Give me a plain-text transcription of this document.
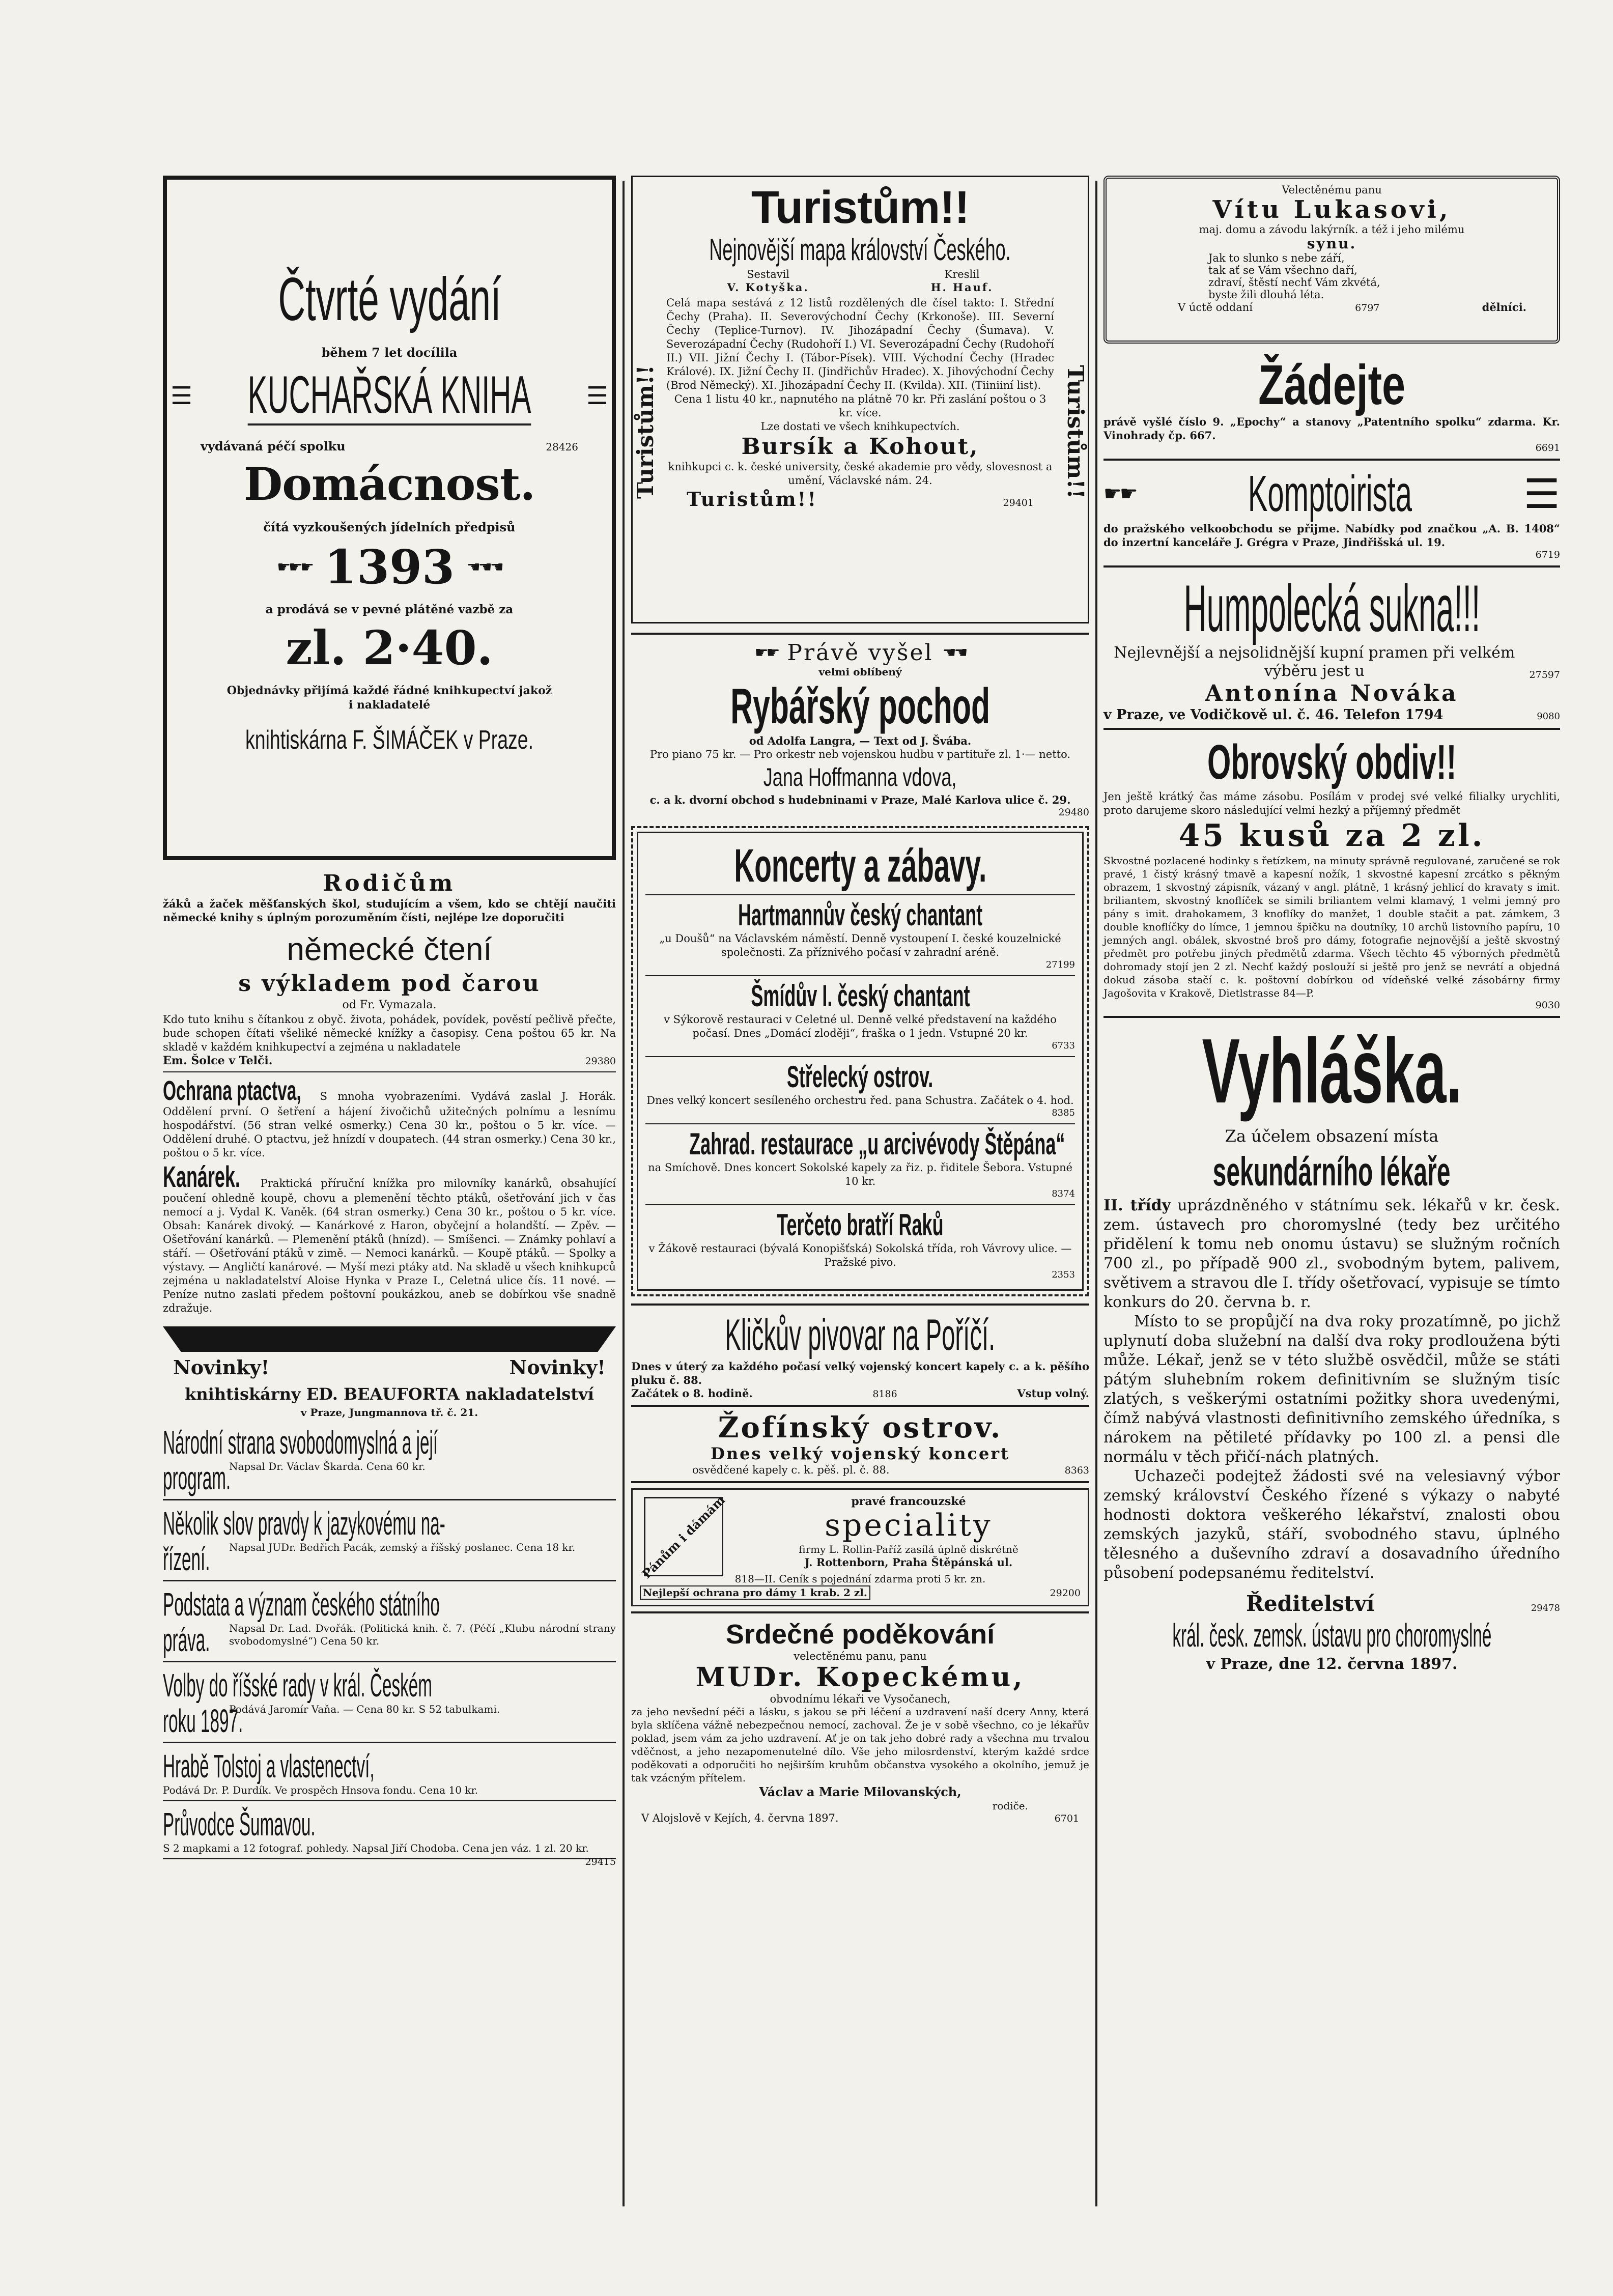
Čtvrté vydání
během 7 let docílila
☰ KUCHAŘSKÁ KNIHA ☰
vydávaná péčí spolku	28426
Domácnost.
čítá vyzkoušených jídelních předpisů
☛☛☛ 1393 ☚☚☚
a prodává se v pevné plátěné vazbě za
zl. 2·40.
Objednávky přijímá každé řádné knihkupectví jakož i nakladatelé
knihtiskárna F. ŠIMÁČEK v Praze.
Rodičům

žáků a žaček měšťanských škol, studujícím a všem, kdo se chtějí naučiti německé knihy s úplným porozuměním čísti, nejlépe lze doporučiti

německé čtení
s výkladem pod čarou
od Fr. Vymazala.

Kdo tuto knihu s čítankou z obyč. života, pohádek, povídek, pověstí pečlivě přečte, bude schopen čítati všeliké německé knížky a časopisy. Cena poštou 65 kr. Na skladě v každém knihkupectví a zejména u nakladatele

Em. Šolce v Telči.	29380

Ochrana ptactva, S mnoha vyobrazeními. Vydává zaslal J. Horák. Oddělení první. O šetření a hájení živočichů užitečných polnímu a lesnímu hospodářství. (56 stran velké osmerky.) Cena 30 kr., poštou o 5 kr. více. — Oddělení druhé. O ptactvu, jež hnízdí v doupatech. (44 stran osmerky.) Cena 30 kr., poštou o 5 kr. více.

Kanárek. Praktická příruční knížka pro milovníky kanárků, obsahující poučení ohledně koupě, chovu a plemenění těchto ptáků, ošetřování jich v čas nemocí a j. Vydal K. Vaněk. (64 stran osmerky.) Cena 30 kr., poštou o 5 kr. více. Obsah: Kanárek divoký. — Kanárkové z Haron, obyčejní a holandští. — Zpěv. — Ošetřování kanárků. — Plemenění ptáků (hnízd). — Smíšenci. — Známky pohlaví a stáří. — Ošetřování ptáků v zimě. — Nemoci kanárků. — Koupě ptáků. — Spolky a výstavy. — Angličtí kanárové. — Myší mezi ptáky atd. Na skladě u všech knihkupců zejména u nakladatelství Aloise Hynka v Praze I., Celetná ulice čís. 11 nové. — Peníze nutno zaslati předem poštovní poukázkou, aneb se dobírkou vše snadně zdražuje.

Novinky!	Novinky!
knihtiskárny ED. BEAUFORTA nakladatelství
v Praze, Jungmannova tř. č. 21.
Národní strana svobodomyslná a její
program.
Napsal Dr. Václav Škarda. Cena 60 kr.
Několik slov pravdy k jazykovému na-
řízení. Napsal JUDr. Bedřich Pacák, zemský a říšský poslanec. Cena 18 kr.
Podstata a význam českého státního
práva. Napsal Dr. Lad. Dvořák. (Politická knih. č. 7. (Péčí „Klubu národní strany svobodomyslné“) Cena 50 kr.
Volby do říšské rady v král. Českém
roku 1897.
Podává Jaromír Vaňa. — Cena 80 kr. S 52 tabulkami.
Hrabě Tolstoj a vlastenectví,
Podává Dr. P. Durdík. Ve prospěch Hnsova fondu. Cena 10 kr.
Průvodce Šumavou.
S 2 mapkami a 12 fotograf. pohledy. Napsal Jiří Chodoba. Cena jen váz. 1 zl. 20 kr.
29415
Turistům!!
Nejnovější mapa království Českého.
Turistům!!	Turistům!!
Sestavil
V. Kotyška.
Kreslil
H. Hauf.

Celá mapa sestává z 12 listů rozdělených dle čísel takto: I. Střední Čechy (Praha). II. Severovýchodní Čechy (Krkonoše). III. Severní Čechy (Teplice-Turnov). IV. Jihozápadní Čechy (Šumava). V. Severozápadní Čechy (Rudohoří I.) VI. Severozápadní Čechy (Rudohoří II.) VII. Jižní Čechy I. (Tábor-Písek). VIII. Východní Čechy (Hradec Králové). IX. Jižní Čechy II. (Jindřichův Hradec). X. Jihovýchodní Čechy (Brod Německý). XI. Jihozápadní Čechy II. (Kvilda). XII. (Tiiniiní list).

Cena 1 listu 40 kr., napnutého na plátně 70 kr. Při zaslání poštou o 3 kr. více.

Lze dostati ve všech knihkupectvích.

Bursík a Kohout,

knihkupci c. k. české university, české akademie pro vědy, slovesnost a umění, Václavské nám. 24.

Turistům!!	29401
☛☛ Právě vyšel ☚☚
velmi oblíbený
Rybářský pochod

od Adolfa Langra, — Text od J. Švába.

Pro piano 75 kr. — Pro orkestr neb vojenskou hudbu v partituře zl. 1·— netto.

Jana Hoffmanna vdova,

c. a k. dvorní obchod s hudebninami v Praze, Malé Karlova ulice č. 29.

29480
Koncerty a zábavy.
Hartmannův český chantant

„u Doušů“ na Václavském náměstí. Denně vystoupení I. české kouzelnické společnosti. Za příznivého počasí v zahradní aréně.

27199
Šmídův I. český chantant

v Sýkorově restauraci v Celetné ul. Denně velké představení na každého počasí. Dnes „Domácí zloději“, fraška o 1 jedn. Vstupné 20 kr.

6733
Střelecký ostrov.

Dnes velký koncert sesíleného orchestru řed. pana Schustra. Začátek o 4. hod.

8385
Zahrad. restaurace „u arcivévody Štěpána“

na Smíchově. Dnes koncert Sokolské kapely za řiz. p. řiditele Šebora. Vstupné 10 kr.

8374
Terčeto bratří Raků

v Žákově restauraci (bývalá Konopišťská) Sokolská třída, roh Vávrovy ulice. — Pražské pivo.

2353
Kličkův pivovar na Poříčí.

Dnes v úterý za každého počasí velký vojenský koncert kapely c. a k. pěšího pluku č. 88.

Začátek o 8. hodině.	8186	Vstup volný.
Žofínský ostrov.
Dnes velký vojenský koncert
osvědčené kapely c. k. pěš. pl. č. 88.	8363
Pánům i dámám	pravé francouzské
speciality
firmy L. Rollin-Paříž zasílá úplně diskrétně
J. Rottenborn, Praha Štěpánská ul.
818—II. Ceník s pojednání zdarma proti 5 kr. zn.
Nejlepší ochrana pro dámy 1 krab. 2 zl.	29200
Srdečné poděkování
velectěnému panu, panu
MUDr. Kopeckému,
obvodnímu lékaři ve Vysočanech,

za jeho nevšední péči a lásku, s jakou se při léčení a uzdravení naší dcery Anny, která byla sklíčena vážně nebezpečnou nemocí, zachoval. Že je v sobě všechno, co je lékařův poklad, jsem vám za jeho uzdravení. Ať je on tak jeho dobré rady a všechna mu trvalou vděčnost, a jeho nezapomenutelné dílo. Vše jeho milosrdenství, kterým každé srdce poděkovati a odporučiti ho nejširším kruhům občanstva vysokého a okolního, jemuž je tak vzácným přítelem.

Václav a Marie Milovanských,
rodiče.
V Alojslově v Kejích, 4. června 1897.	6701
Velectěnému panu
Vítu Lukasovi,
maj. domu a závodu lakýrník. a též i jeho milému
synu.
Jak to slunko s nebe září,
tak ať se Vám všechno daří,
zdraví, štěstí nechť Vám zkvétá,
byste žili dlouhá léta.
V úctě oddaní	6797	dělníci.
Žádejte

právě vyšlé číslo 9. „Epochy“ a stanovy „Patentního spolku“ zdarma. Kr. Vinohrady čp. 667.

6691
☛☛ Komptoirista	☰

do pražského velkoobchodu se přijme. Nabídky pod značkou „A. B. 1408“ do inzertní kanceláře J. Grégra v Praze, Jindřišská ul. 19.

6719
Humpolecká sukna!!!

Nejlevnější a nejsolidnější kupní pramen při velkém výběru jest u	27597
Antonína Nováka
v Praze, ve Vodičkově ul. č. 46. Telefon 1794	9080
Obrovský obdiv!!

Jen ještě krátký čas máme zásobu. Posílám v prodej své velké filialky urychliti, proto darujeme skoro následující velmi hezký a příjemný předmět

45 kusů za 2 zl.

Skvostné pozlacené hodinky s řetízkem, na minuty správně regulované, zaručené se rok pravé, 1 čistý krásný tmavě a kapesní nožík, 1 skvostné kapesní zrcátko s pěkným obrazem, 1 skvostný zápisník, vázaný v angl. plátně, 1 krásný jehlicí do kravaty s imit. briliantem, skvostný knoflíček se simili briliantem velmi klamavý, 1 velmi jemný pro pány s imit. drahokamem, 3 knoflíky do manžet, 1 double stačit a pat. zámkem, 3 double knoflíčky do límce, 1 jemnou špičku na doutníky, 10 archů listovního papíru, 10 jemných angl. obálek, skvostné broš pro dámy, fotografie nejnovější a ještě skvostný předmět pro potřebu jiných předmětů zdarma. Všech těchto 45 výborných předmětů dohromady stojí jen 2 zl. Nechť každý poslouží si ještě pro jenž se nevrátí a objedná dokud zásoba stačí c. k. poštovní dobírkou od vídeňské velké zásobárny firmy Jagošovita v Krakově, Dietlstrasse 84—P.

9030
Vyhláška.
Za účelem obsazení místa
sekundárního lékaře

II. třídy uprázdněného v státnímu sek. lékařů v kr. česk. zem. ústavech pro choromyslné (tedy bez určitého přidělení k tomu neb onomu ústavu) se služným ročních 700 zl., po případě 900 zl., svobodným bytem, palivem, světivem a stravou dle I. třídy ošetřovací, vypisuje se tímto konkurs do 20. června b. r.

Místo to se propůjčí na dva roky prozatímně, po jichž uplynutí doba služební na další dva roky prodloužena býti může. Lékař, jenž se v této službě osvědčil, může se státi pátým sluhebním rokem definitivním se služným tisíc zlatých, s veškerými ostatními požitky shora uvedenými, čímž nabývá vlastnosti definitivního zemského úředníka, s nárokem na pětileté přídavky po 100 zl. a pensi dle normálu v těch přičí-nách platných.

Uchazeči podejtež žádosti své na velesiavný výbor zemský království Českého řízené s výkazy o nabyté hodnosti doktora veškerého lékařství, znalosti obou zemských jazyků, stáří, svobodného stavu, úplného tělesného a duševního zdraví a dosavadního úředního působení podepsanému ředitelství.

Ředitelství	29478
král. česk. zemsk. ústavu pro choromyslné
v Praze, dne 12. června 1897.
